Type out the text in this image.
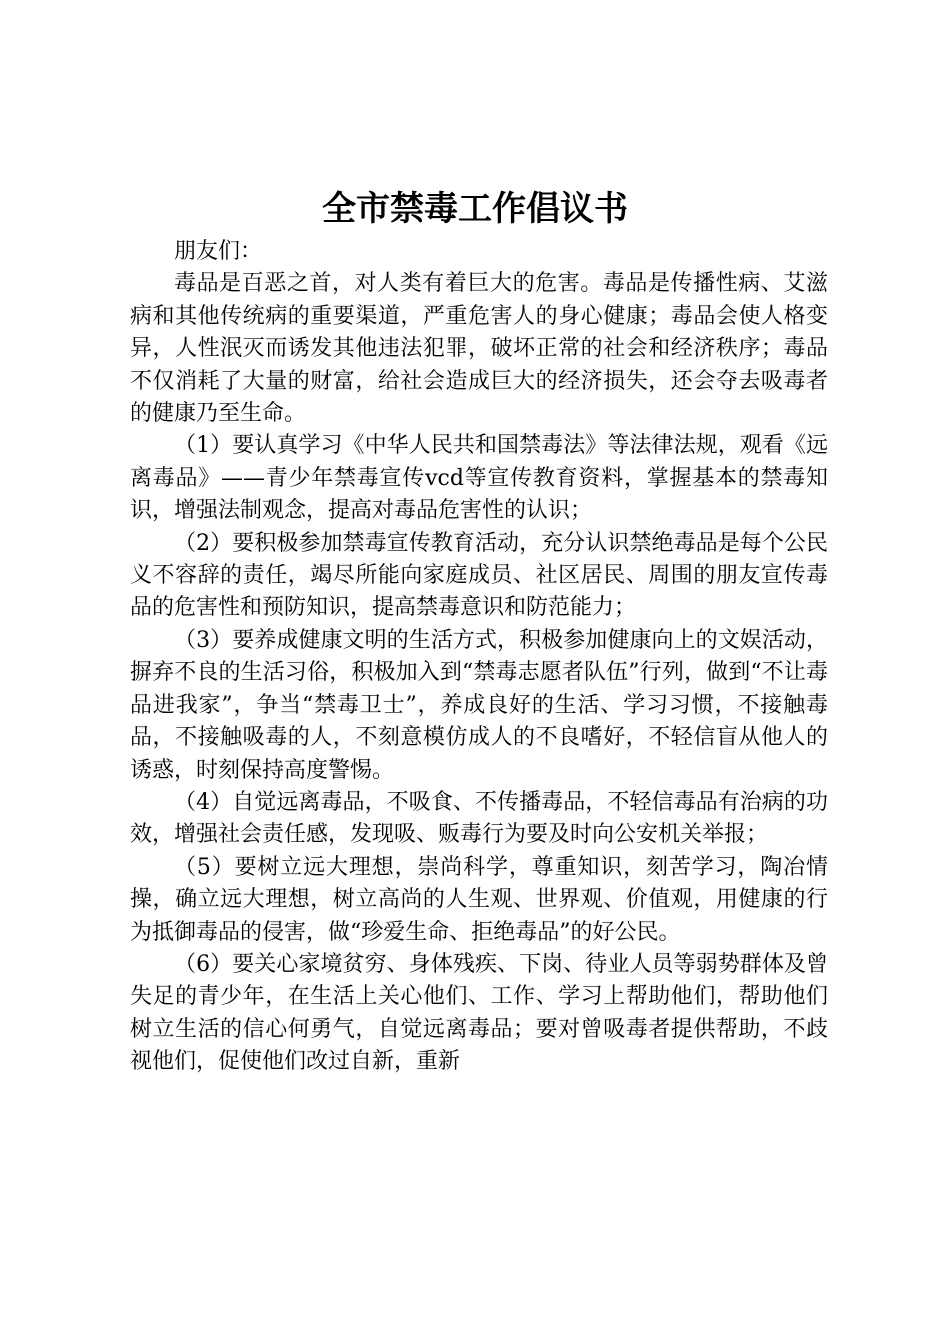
全市禁毒工作倡议书

朋友们：

毒品是百恶之首，对人类有着巨大的危害。毒品是传播性病、艾滋病和其他传统病的重要渠道，严重危害人的身心健康；毒品会使人格变异，人性泯灭而诱发其他违法犯罪，破坏正常的社会和经济秩序；毒品不仅消耗了大量的财富，给社会造成巨大的经济损失，还会夺去吸毒者的健康乃至生命。

（1）要认真学习《中华人民共和国禁毒法》等法律法规，观看《远离毒品》——青少年禁毒宣传vcd等宣传教育资料，掌握基本的禁毒知识，增强法制观念，提高对毒品危害性的认识；

（2）要积极参加禁毒宣传教育活动，充分认识禁绝毒品是每个公民义不容辞的责任，竭尽所能向家庭成员、社区居民、周围的朋友宣传毒品的危害性和预防知识，提高禁毒意识和防范能力；

（3）要养成健康文明的生活方式，积极参加健康向上的文娱活动，摒弃不良的生活习俗，积极加入到“禁毒志愿者队伍”行列，做到“不让毒品进我家”，争当“禁毒卫士”，养成良好的生活、学习习惯，不接触毒品，不接触吸毒的人，不刻意模仿成人的不良嗜好，不轻信盲从他人的诱惑，时刻保持高度警惕。

（4）自觉远离毒品，不吸食、不传播毒品，不轻信毒品有治病的功效，增强社会责任感，发现吸、贩毒行为要及时向公安机关举报；

（5）要树立远大理想，崇尚科学，尊重知识，刻苦学习，陶冶情操，确立远大理想，树立高尚的人生观、世界观、价值观，用健康的行为抵御毒品的侵害，做“珍爱生命、拒绝毒品”的好公民。

（6）要关心家境贫穷、身体残疾、下岗、待业人员等弱势群体及曾失足的青少年，在生活上关心他们、工作、学习上帮助他们，帮助他们树立生活的信心何勇气，自觉远离毒品；要对曾吸毒者提供帮助，不歧视他们，促使他们改过自新，重新
